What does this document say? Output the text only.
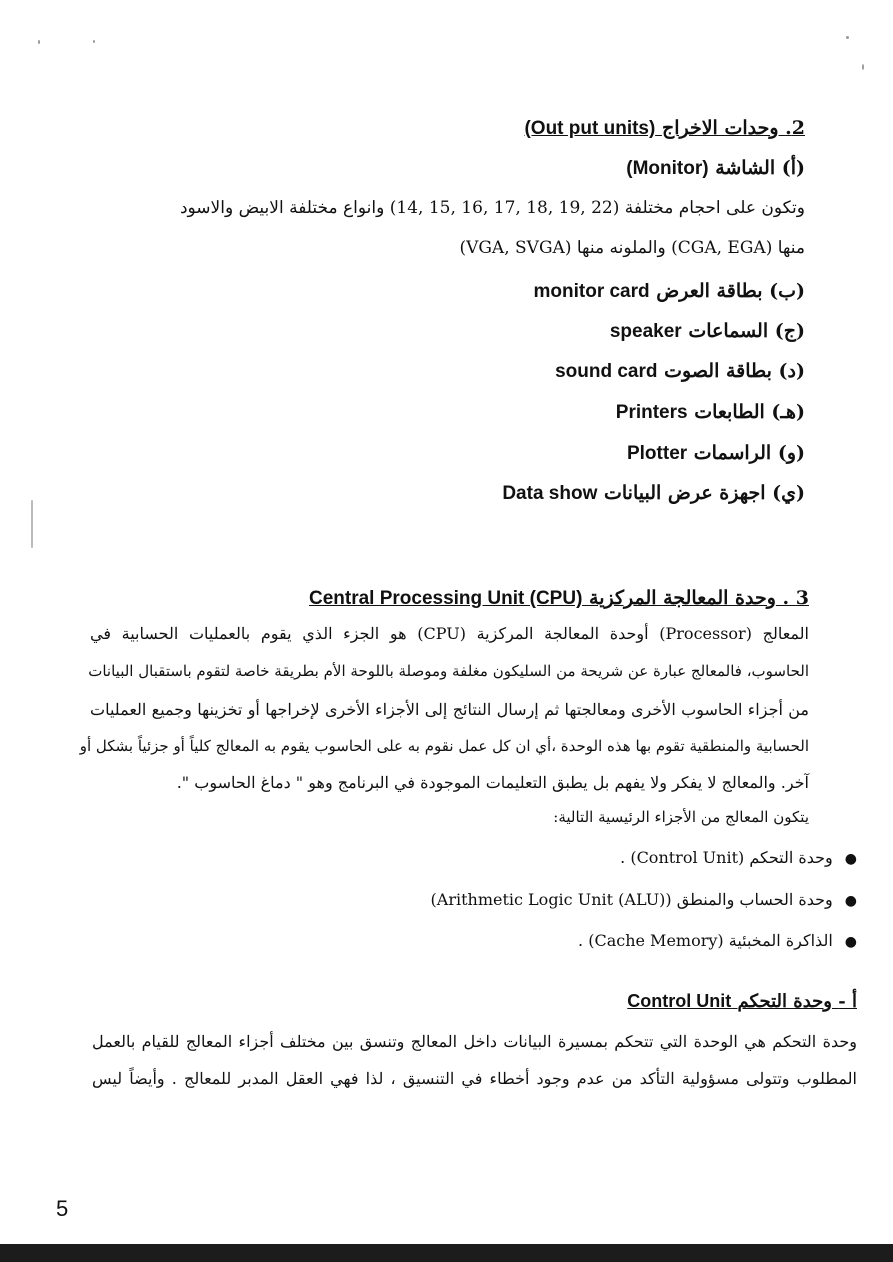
2. وحدات الاخراج (Out put units)
(أ) الشاشة (Monitor)
وتكون على احجام مختلفة (22 ,19 ,18 ,17 ,16 ,15 ,14) وانواع مختلفة الابيض والاسود
منها (CGA, EGA) والملونه منها (VGA, SVGA)
(ب) بطاقة العرض monitor card
(ج) السماعات speaker
(د) بطاقة الصوت sound card
(هـ) الطابعات Printers
(و) الراسمات Plotter
(ي) اجهزة عرض البيانات Data show
3 . وحدة المعالجة المركزية Central Processing Unit (CPU)
المعالج (Processor) أوحدة المعالجة المركزية (CPU) هو الجزء الذي يقوم بالعمليات الحسابية في
الحاسوب، فالمعالج عبارة عن شريحة من السليكون مغلفة وموصلة باللوحة الأم بطريقة خاصة لتقوم باستقبال البيانات
من أجزاء الحاسوب الأخرى ومعالجتها ثم إرسال النتائج إلى الأجزاء الأخرى لإخراجها أو تخزينها وجميع العمليات
الحسابية والمنطقية تقوم بها هذه الوحدة ،أي ان كل عمل نقوم به على الحاسوب يقوم به المعالج كلياً أو جزئياً بشكل أو
آخر. والمعالج لا يفكر ولا يفهم بل يطبق التعليمات الموجودة في البرنامج وهو " دماغ الحاسوب ".
يتكون المعالج من الأجزاء الرئيسية التالية:
●وحدة التحكم (Control Unit) .
●وحدة الحساب والمنطق (Arithmetic Logic Unit (ALU))
●الذاكرة المخبئية (Cache Memory) .
أ - وحدة التحكم Control Unit
وحدة التحكم هي الوحدة التي تتحكم بمسيرة البيانات داخل المعالج وتنسق بين مختلف أجزاء المعالج للقيام بالعمل
المطلوب وتتولى مسؤولية التأكد من عدم وجود أخطاء في التنسيق ، لذا فهي العقل المدبر للمعالج . وأيضاً ليس
5
